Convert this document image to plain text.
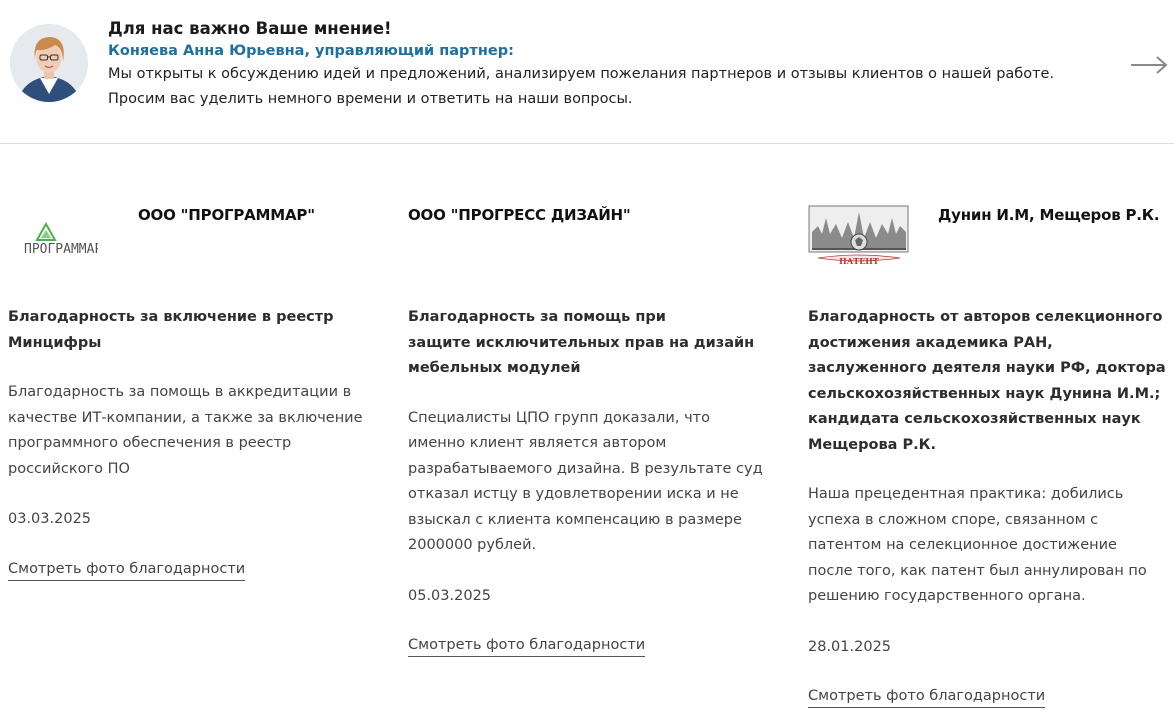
Для нас важно Ваше мнение!
Коняева Анна Юрьевна, управляющий партнер:
Мы открыты к обсуждению идей и предложений, анализируем пожелания партнеров и отзывы клиентов о нашей работе.
Просим вас уделить немного времени и ответить на наши вопросы.
ПРОГРАММАР
ООО "ПРОГРАММАР"
Благодарность за включение в реестр
Минцифры
Благодарность за помощь в аккредитации в
качестве ИТ-компании, а также за включение
программного обеспечения в реестр
российского ПО
03.03.2025
Смотреть фото благодарности
ООО "ПРОГРЕСС ДИЗАЙН"
Благодарность за помощь при
защите исключительных прав на дизайн
мебельных модулей
Специалисты ЦПО групп доказали, что
именно клиент является автором
разрабатываемого дизайна. В результате суд
отказал истцу в удовлетворении иска и не
взыскал с клиента компенсацию в размере
2000000 рублей.
05.03.2025
Смотреть фото благодарности
ПАТЕНТ
Дунин И.М, Мещеров Р.К.
Благодарность от авторов селекционного
достижения академика РАН,
заслуженного деятеля науки РФ, доктора
сельскохозяйственных наук Дунина И.М.;
кандидата сельскохозяйственных наук
Мещерова Р.К.
Наша прецедентная практика: добились
успеха в сложном споре, связанном с
патентом на селекционное достижение
после того, как патент был аннулирован по
решению государственного органа.
28.01.2025
Смотреть фото благодарности
